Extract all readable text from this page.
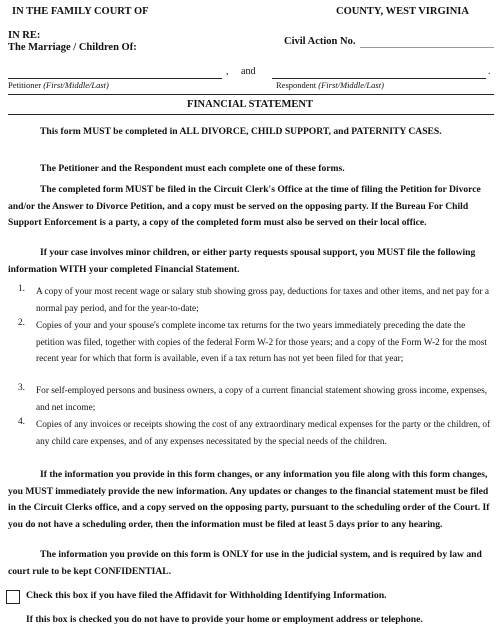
IN THE FAMILY COURT OF	COUNTY, WEST VIRGINIA
IN RE:
The Marriage / Children Of:
Civil Action No.
, and	.
Petitioner (First/Middle/Last)	Respondent (First/Middle/Last)
FINANCIAL STATEMENT
This form MUST be completed in ALL DIVORCE, CHILD SUPPORT, and PATERNITY CASES.
The Petitioner and the Respondent must each complete one of these forms.
The completed form MUST be filed in the Circuit Clerk's Office at the time of filing the Petition for Divorce and/or the Answer to Divorce Petition, and a copy must be served on the opposing party. If the Bureau For Child Support Enforcement is a party, a copy of the completed form must also be served on their local office.
If your case involves minor children, or either party requests spousal support, you MUST file the following information WITH your completed Financial Statement.
1. A copy of your most recent wage or salary stub showing gross pay, deductions for taxes and other items, and net pay for a normal pay period, and for the year-to-date;
2. Copies of your and your spouse's complete income tax returns for the two years immediately preceding the date the petition was filed, together with copies of the federal Form W-2 for those years; and a copy of the Form W-2 for the most recent year for which that form is available, even if a tax return has not yet been filed for that year;
3. For self-employed persons and business owners, a copy of a current financial statement showing gross income, expenses, and net income;
4. Copies of any invoices or receipts showing the cost of any extraordinary medical expenses for the party or the children, of any child care expenses, and of any expenses necessitated by the special needs of the children.
If the information you provide in this form changes, or any information you file along with this form changes, you MUST immediately provide the new information. Any updates or changes to the financial statement must be filed in the Circuit Clerks office, and a copy served on the opposing party, pursuant to the scheduling order of the Court. If you do not have a scheduling order, then the information must be filed at least 5 days prior to any hearing.
The information you provide on this form is ONLY for use in the judicial system, and is required by law and court rule to be kept CONFIDENTIAL.
Check this box if you have filed the Affidavit for Withholding Identifying Information.
If this box is checked you do not have to provide your home or employment address or telephone.
